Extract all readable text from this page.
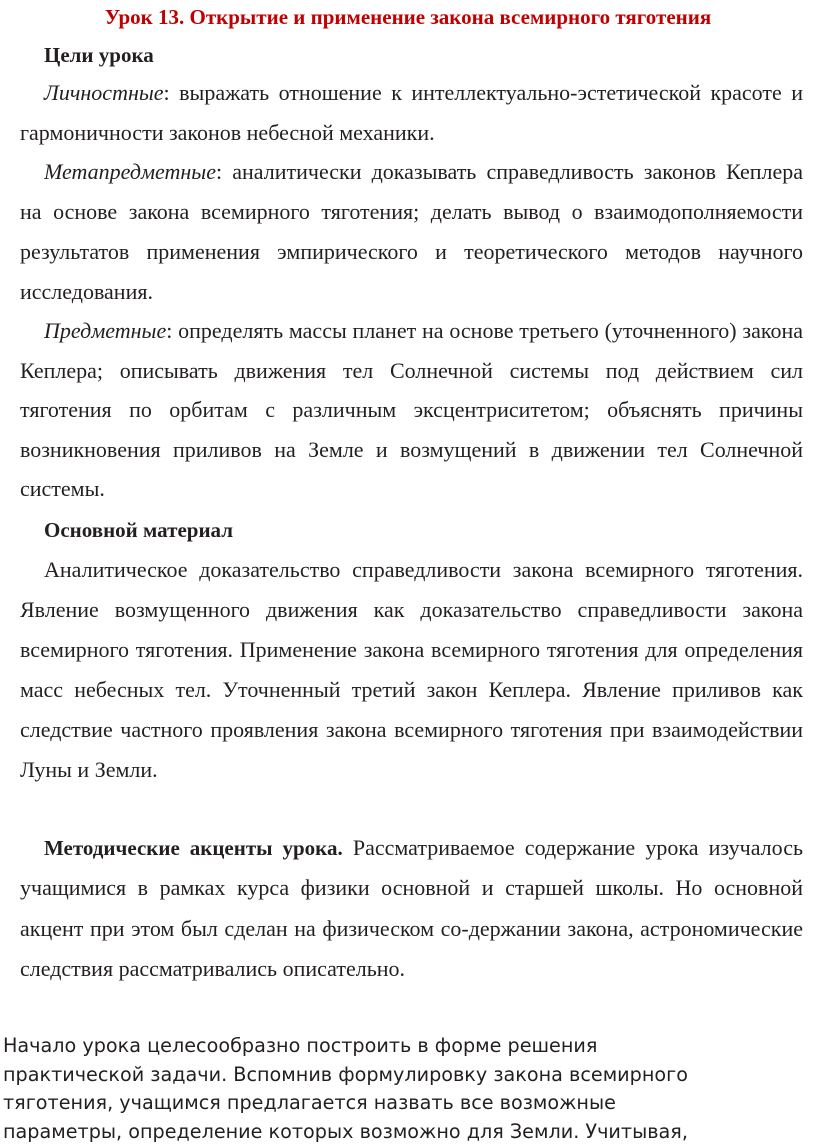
Урок 13. Открытие и применение закона всемирного тяготения
Цели урока

Личностные: выражать отношение к интеллектуально-эстетической красоте и гармоничности законов небесной механики.

Метапредметные: аналитически доказывать справедливость законов Кеплера на основе закона всемирного тяготения; делать вывод о взаимодополняемости результатов применения эмпирического и теоретического методов научного исследования.

Предметные: определять массы планет на основе третьего (уточненного) закона Кеплера; описывать движения тел Солнечной системы под действием сил тяготения по орбитам с различным эксцентриситетом; объяснять причины возникновения приливов на Земле и возмущений в движении тел Солнечной системы.

Основной материал

Аналитическое доказательство справедливости закона всемирного тяготения. Явление возмущенного движения как доказательство справедливости закона всемирного тяготения. Применение закона всемирного тяготения для определения масс небесных тел. Уточненный третий закон Кеплера. Явление приливов как следствие частного проявления закона всемирного тяготения при взаимодействии Луны и Земли.

Методические акценты урока. Рассматриваемое содержание урока изучалось учащимися в рамках курса физики основной и старшей школы. Но основной акцент при этом был сделан на физическом со-держании закона, астрономические следствия рассматривались описательно.

Начало урока целесообразно построить в форме решения
практической задачи. Вспомнив формулировку закона всемирного
тяготения, учащимся предлагается назвать все возможные
параметры, определение которых возможно для Земли. Учитывая,
